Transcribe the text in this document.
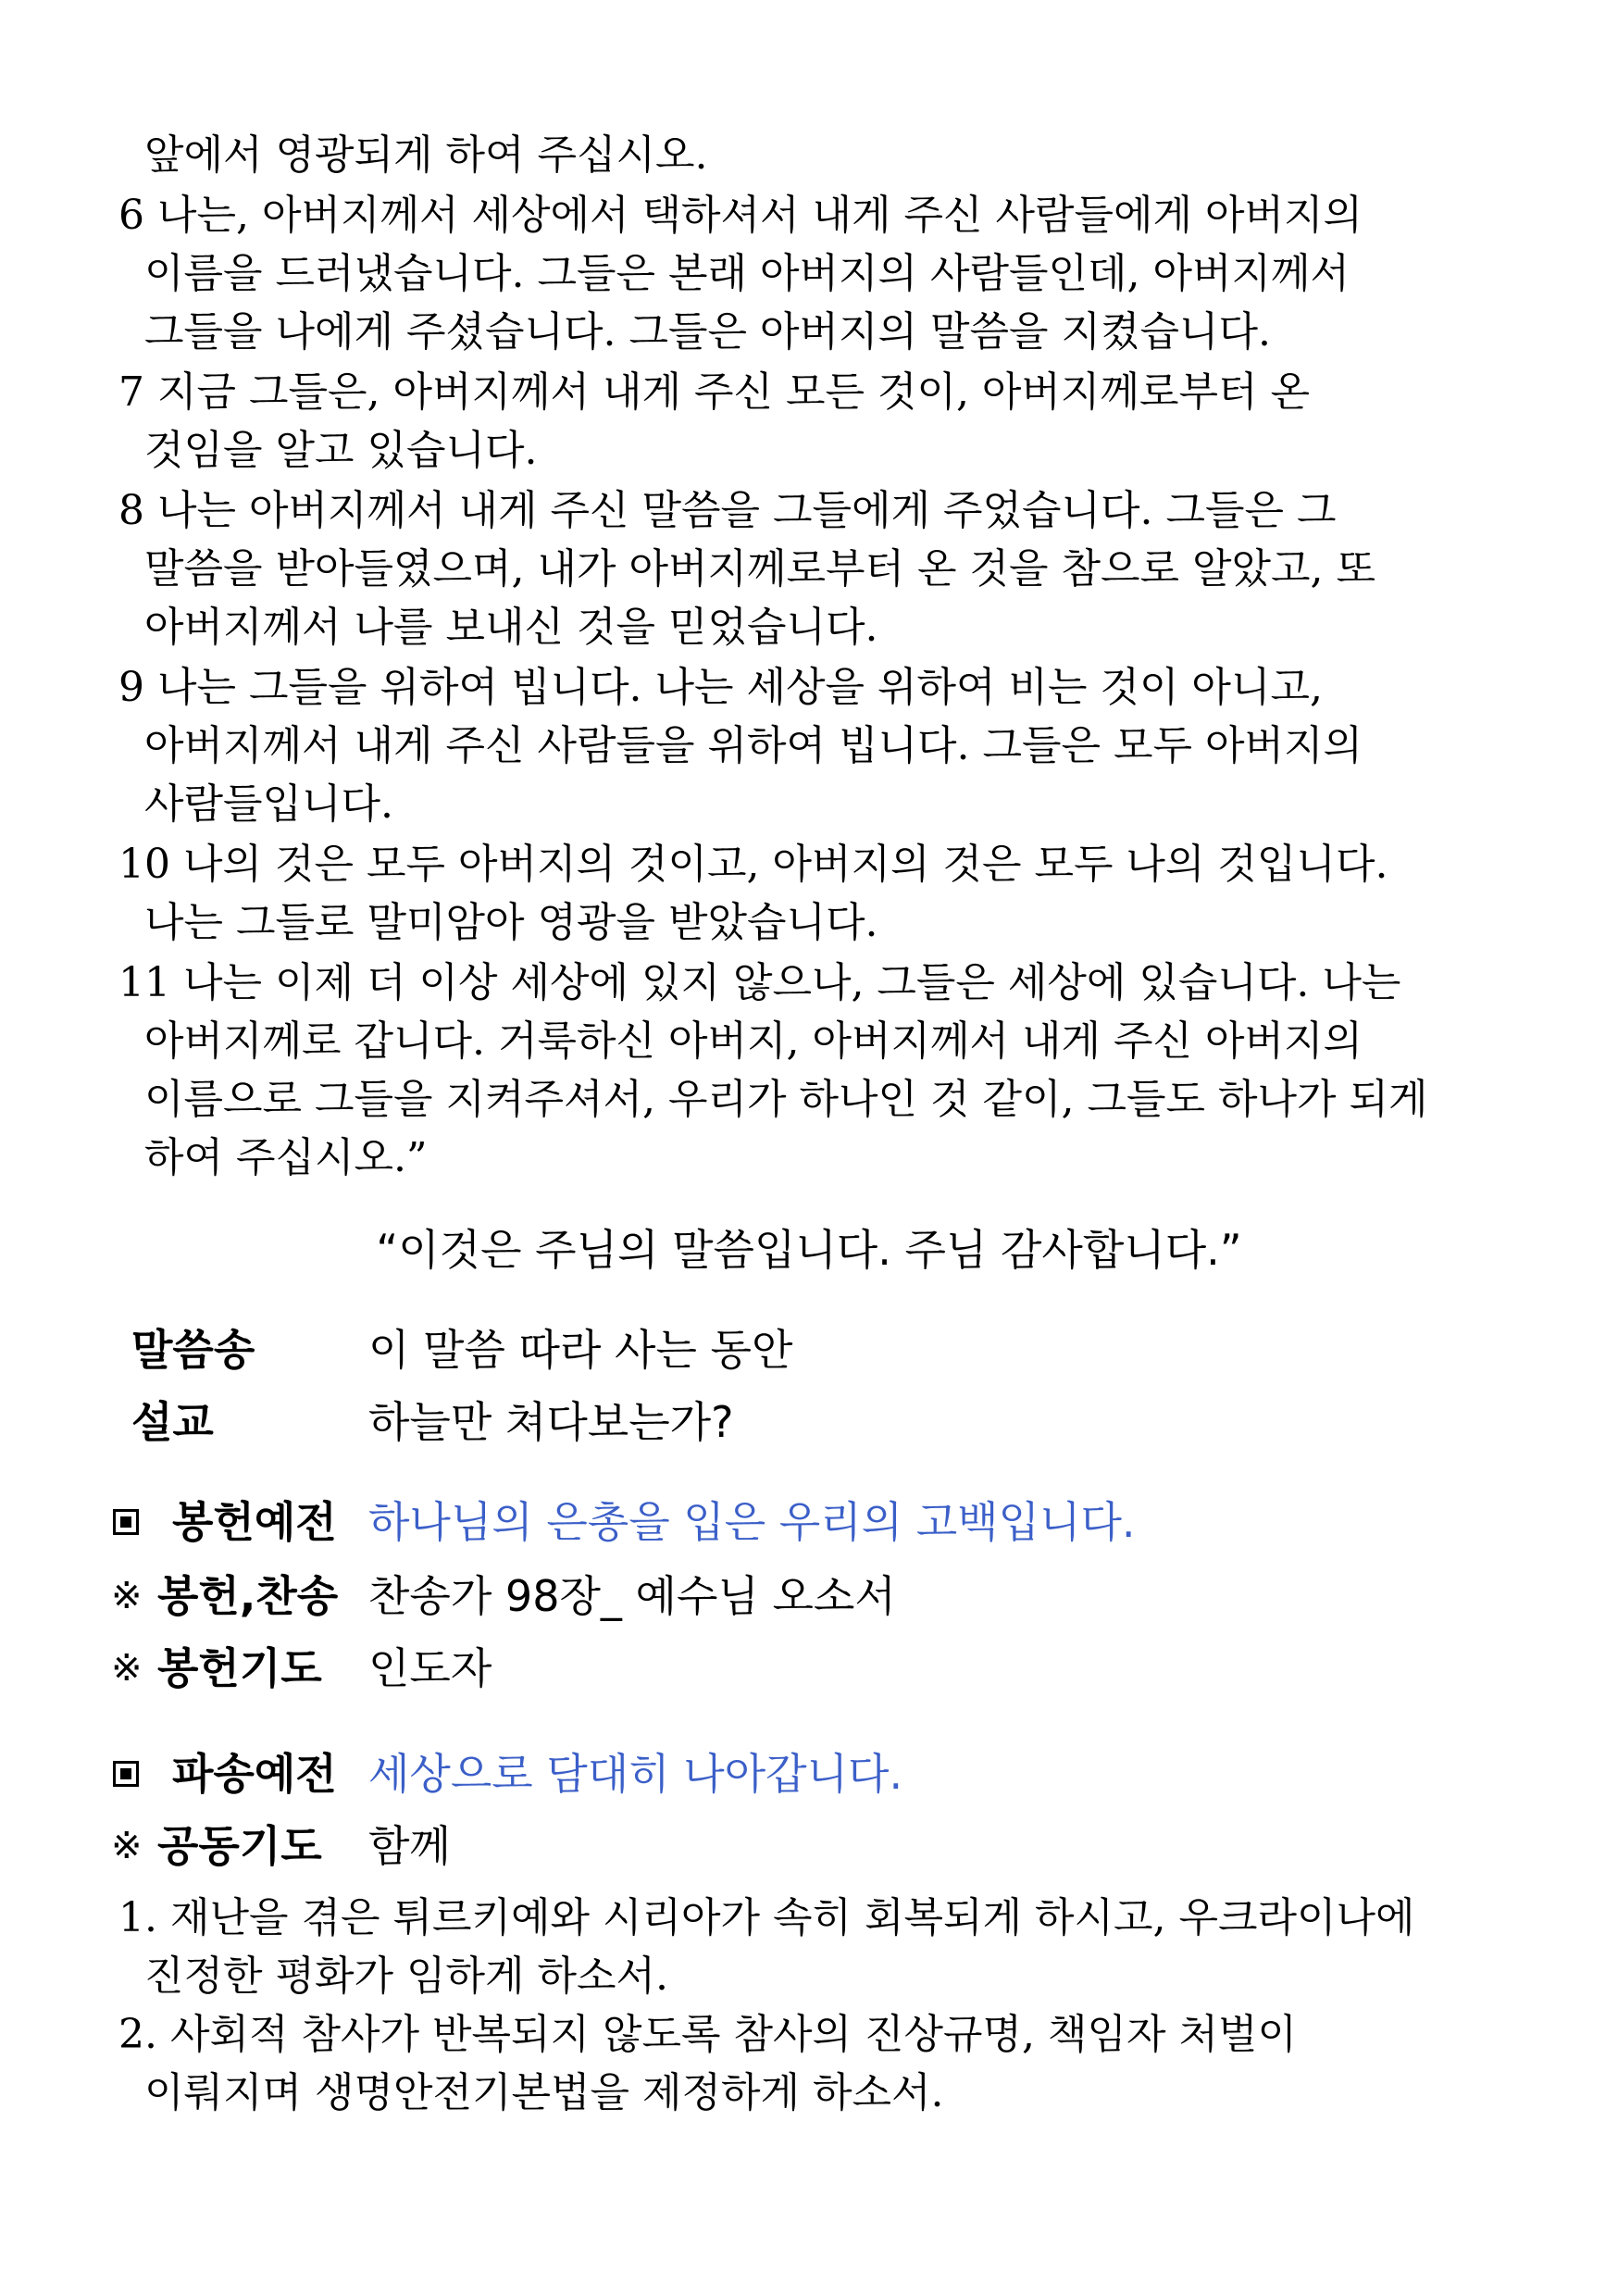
앞에서 영광되게 하여 주십시오.
6 나는, 아버지께서 세상에서 택하셔서 내게 주신 사람들에게 아버지의
이름을 드러냈습니다. 그들은 본래 아버지의 사람들인데, 아버지께서
그들을 나에게 주셨습니다. 그들은 아버지의 말씀을 지켰습니다.
7 지금 그들은, 아버지께서 내게 주신 모든 것이, 아버지께로부터 온
것임을 알고 있습니다.
8 나는 아버지께서 내게 주신 말씀을 그들에게 주었습니다. 그들은 그
말씀을 받아들였으며, 내가 아버지께로부터 온 것을 참으로 알았고, 또
아버지께서 나를 보내신 것을 믿었습니다.
9 나는 그들을 위하여 빕니다. 나는 세상을 위하여 비는 것이 아니고,
아버지께서 내게 주신 사람들을 위하여 빕니다. 그들은 모두 아버지의
사람들입니다.
10 나의 것은 모두 아버지의 것이고, 아버지의 것은 모두 나의 것입니다.
나는 그들로 말미암아 영광을 받았습니다.
11 나는 이제 더 이상 세상에 있지 않으나, 그들은 세상에 있습니다. 나는
아버지께로 갑니다. 거룩하신 아버지, 아버지께서 내게 주신 아버지의
이름으로 그들을 지켜주셔서, 우리가 하나인 것 같이, 그들도 하나가 되게
하여 주십시오.”
“이것은 주님의 말씀입니다. 주님 감사합니다.”
말씀송	이 말씀 따라 사는 동안
설교	하늘만 쳐다보는가?
봉헌예전 하나님의 은총을 입은 우리의 고백입니다.
※ 봉헌,찬송 찬송가 98장_ 예수님 오소서
※ 봉헌기도 인도자
파송예전 세상으로 담대히 나아갑니다.
※ 공동기도 함께
1. 재난을 겪은 튀르키예와 시리아가 속히 회복되게 하시고, 우크라이나에
진정한 평화가 임하게 하소서.
2. 사회적 참사가 반복되지 않도록 참사의 진상규명, 책임자 처벌이
이뤄지며 생명안전기본법을 제정하게 하소서.
